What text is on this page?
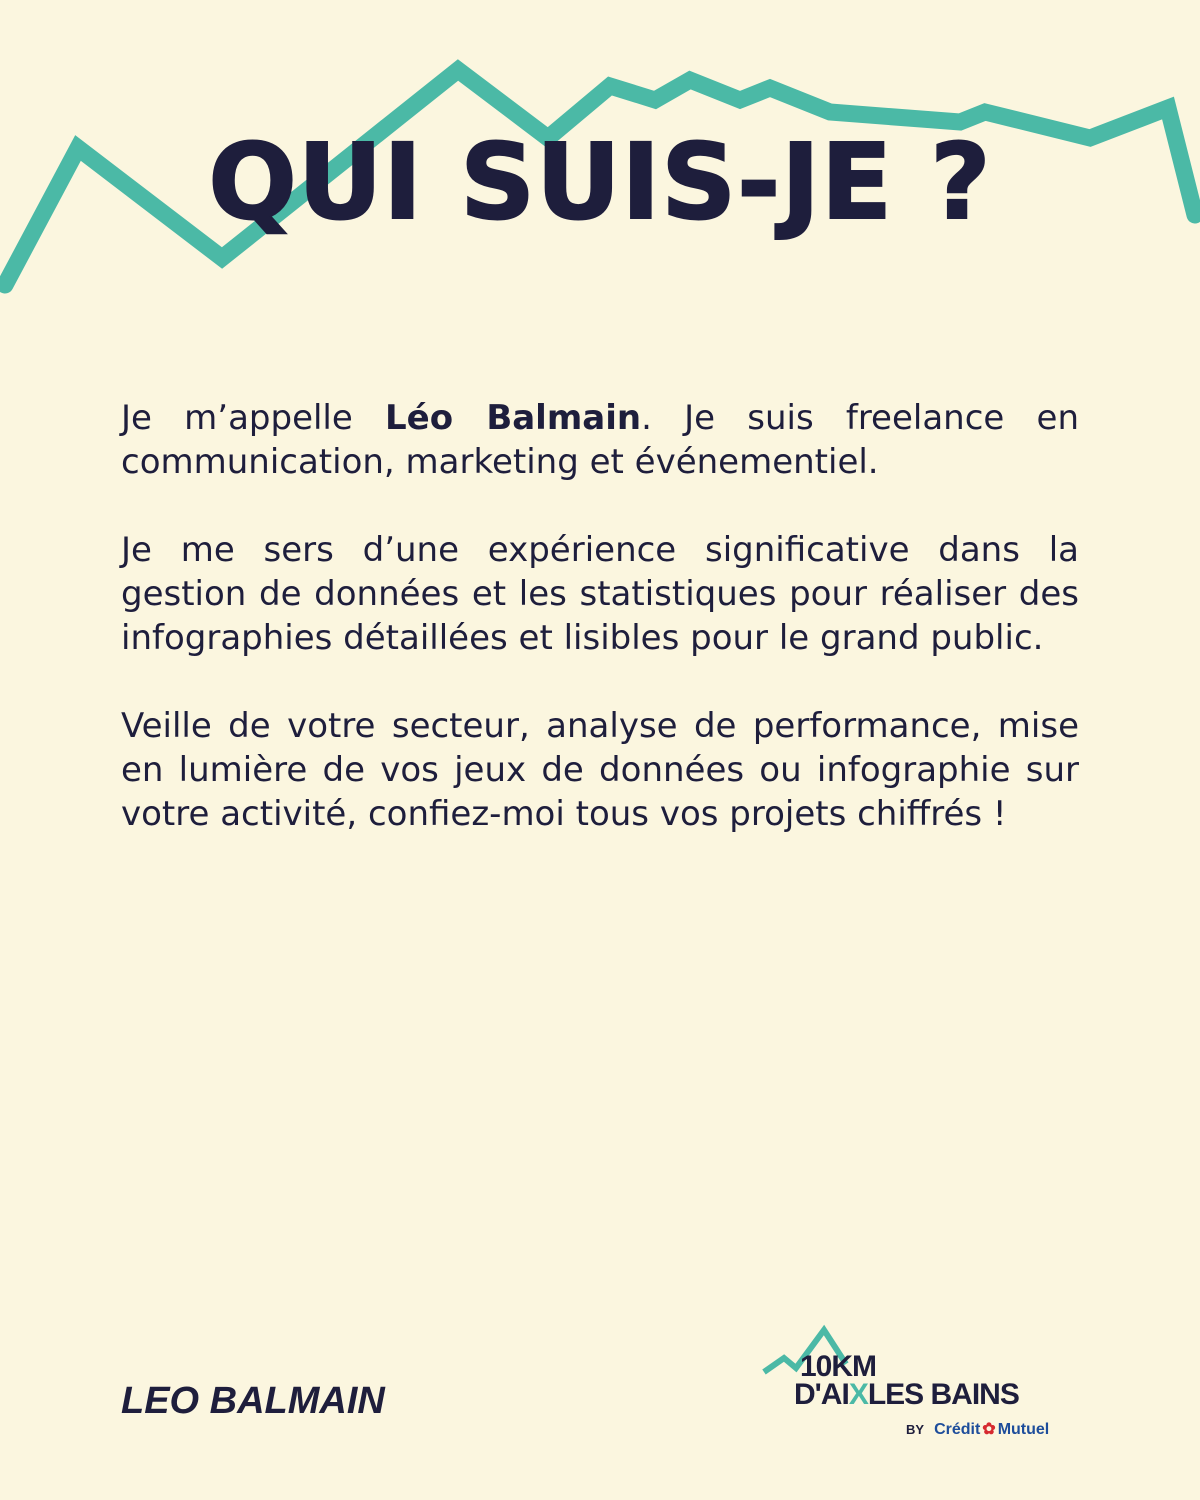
QUI SUIS-JE ?

Je m’appelle Léo Balmain. Je suis freelance en communication, marketing et événementiel.

Je me sers d’une expérience significative dans la gestion de données et les statistiques pour réaliser des infographies détaillées et lisibles pour le grand public.

Veille de votre secteur, analyse de performance, mise en lumière de vos jeux de données ou infographie sur votre activité, confiez-moi tous vos projets chiffrés !

LEO BALMAIN
10KM
D'AIXLES BAINS
BY Crédit ✿ Mutuel
